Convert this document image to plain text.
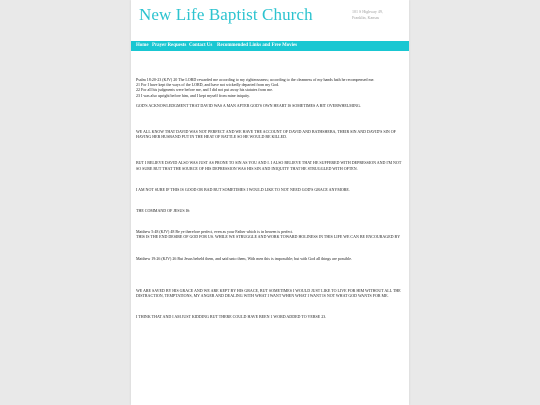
New Life Baptist Church	101 S Highway 49,
Franklin, Kansas
Home Prayer Requests Contact Us Recommended Links and Free Movies

Psalm 18:20-23 (KJV) 20 The LORD rewarded me according to my righteousness; according to the cleanness of my hands hath he recompensed me.
21 For I have kept the ways of the LORD, and have not wickedly departed from my God.
22 For all his judgments were before me, and I did not put away his statutes from me.
23 I was also upright before him, and I kept myself from mine iniquity.

GOD'S ACKNOWLEDGMENT THAT DAVID WAS A MAN AFTER GOD'S OWN HEART IS SOMETIMES A BIT OVERWHELMING.

WE ALL KNOW THAT DAVID WAS NOT PERFECT AND WE HAVE THE ACCOUNT OF DAVID AND BATHSHEBA, THEIR SIN AND DAVID'S SIN OF HAVING HER HUSBAND PUT IN THE HEAT OF BATTLE SO HE WOULD BE KILLED.

BUT I BELIEVE DAVID ALSO WAS JUST AS PRONE TO SIN AS YOU AND I. I ALSO BELIEVE THAT HE SUFFERED WITH DEPRESSION AND I'M NOT SO SURE BUT THAT THE SOURCE OF HIS DEPRESSION WAS HIS SIN AND INIQUITY THAT HE STRUGGLED WITH OFTEN.

I AM NOT SURE IF THIS IS GOOD OR BAD BUT SOMETIMES I WOULD LIKE TO NOT NEED GOD'S GRACE ANYMORE.

THE COMMAND OF JESUS IS:

Matthew 5:48 (KJV) 48 Be ye therefore perfect, even as your Father which is in heaven is perfect.
THIS IS THE END DESIRE OF GOD FOR US. WHILE WE STRUGGLE AND WORK TOWARD HOLINESS IN THIS LIFE WE CAN BE ENCOURAGED BY

Matthew 19:26 (KJV) 26 But Jesus beheld them, and said unto them, With men this is impossible; but with God all things are possible.

WE ARE SAVED BY HIS GRACE AND WE ARE KEPT BY HIS GRACE, BUT SOMETIMES I WOULD JUST LIKE TO LIVE FOR HIM WITHOUT ALL THE DISTRACTION, TEMPTATIONS, MY ANGER AND DEALING WITH WHAT I WANT WHEN WHAT I WANT IS NOT WHAT GOD WANTS FOR ME.

I THINK THAT AND I AM JUST KIDDING BUT THERE COULD HAVE BEEN 1 WORD ADDED TO VERSE 23.
